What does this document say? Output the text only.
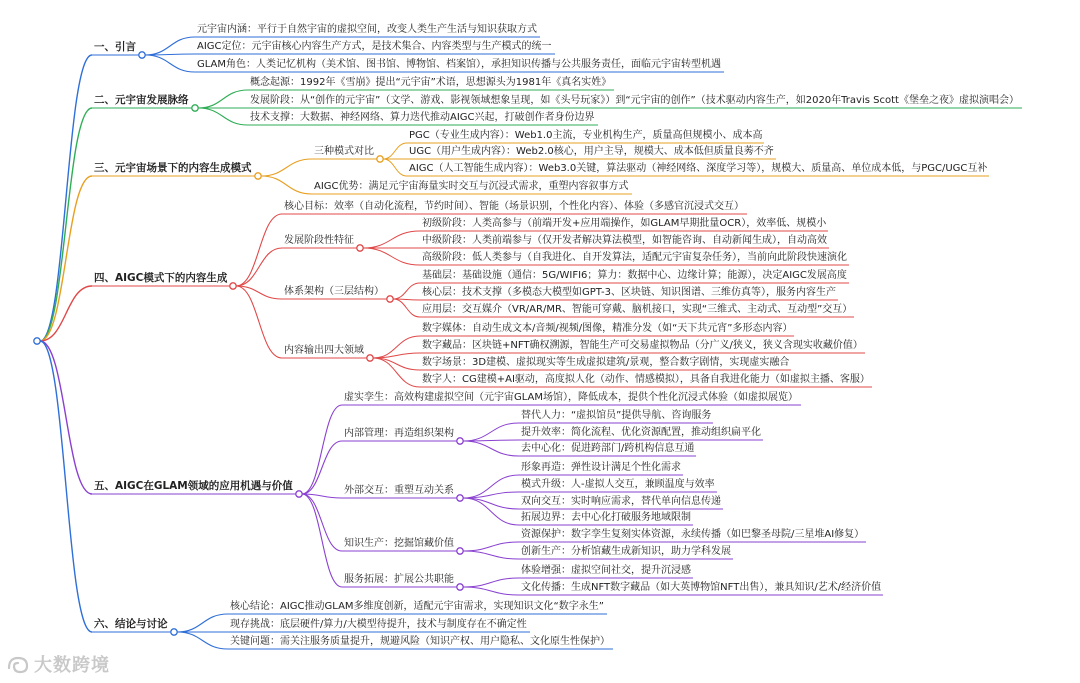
一、引言
元宇宙内涵：平行于自然宇宙的虚拟空间，改变人类生产生活与知识获取方式
AIGC定位：元宇宙核心内容生产方式，是技术集合、内容类型与生产模式的统一
GLAM角色：人类记忆机构（美术馆、图书馆、博物馆、档案馆），承担知识传播与公共服务责任，面临元宇宙转型机遇
二、元宇宙发展脉络
概念起源：1992年《雪崩》提出“元宇宙”术语，思想源头为1981年《真名实姓》
发展阶段：从“创作的元宇宙”（文学、游戏、影视领域想象呈现，如《头号玩家》）到“元宇宙的创作”（技术驱动内容生产，如2020年Travis Scott《堡垒之夜》虚拟演唱会）
技术支撑：大数据、神经网络、算力迭代推动AIGC兴起，打破创作者身份边界
三、元宇宙场景下的内容生成模式
三种模式对比
PGC（专业生成内容）：Web1.0主流，专业机构生产，质量高但规模小、成本高
UGC（用户生成内容）：Web2.0核心，用户主导，规模大、成本低但质量良莠不齐
AIGC（人工智能生成内容）：Web3.0关键，算法驱动（神经网络、深度学习等），规模大、质量高、单位成本低，与PGC/UGC互补
AIGC优势：满足元宇宙海量实时交互与沉浸式需求，重塑内容叙事方式
四、AIGC模式下的内容生成
核心目标：效率（自动化流程，节约时间）、智能（场景识别，个性化内容）、体验（多感官沉浸式交互）
发展阶段性特征
初级阶段：人类高参与（前端开发+应用端操作，如GLAM早期批量OCR），效率低、规模小
中级阶段：人类前端参与（仅开发者解决算法模型，如智能咨询、自动新闻生成），自动高效
高级阶段：低人类参与（自我进化、自开发算法，适配元宇宙复杂任务），当前向此阶段快速演化
体系架构（三层结构）
基础层：基础设施（通信：5G/WIFI6；算力：数据中心、边缘计算；能源），决定AIGC发展高度
核心层：技术支撑（多模态大模型如GPT-3、区块链、知识图谱、三维仿真等），服务内容生产
应用层：交互媒介（VR/AR/MR、智能可穿戴、脑机接口，实现“三维式、主动式、互动型”交互）
内容输出四大领域
数字媒体：自动生成文本/音频/视频/图像，精准分发（如“天下共元宵”多形态内容）
数字藏品：区块链+NFT确权溯源，智能生产可交易虚拟物品（分广义/狭义，狭义含现实收藏价值）
数字场景：3D建模、虚拟现实等生成虚拟建筑/景观，整合数字剧情，实现虚实融合
数字人：CG建模+AI驱动，高度拟人化（动作、情感模拟），具备自我进化能力（如虚拟主播、客服）
五、AIGC在GLAM领域的应用机遇与价值
虚实孪生：高效构建虚拟空间（元宇宙GLAM场馆），降低成本，提供个性化沉浸式体验（如虚拟展览）
内部管理：再造组织架构
替代人力：“虚拟馆员”提供导航、咨询服务
提升效率：简化流程、优化资源配置，推动组织扁平化
去中心化：促进跨部门/跨机构信息互通
外部交互：重塑互动关系
形象再造：弹性设计满足个性化需求
模式升级：人-虚拟人交互，兼顾温度与效率
双向交互：实时响应需求，替代单向信息传递
拓展边界：去中心化打破服务地域限制
知识生产：挖掘馆藏价值
资源保护：数字孪生复刻实体资源，永续传播（如巴黎圣母院/三星堆AI修复）
创新生产：分析馆藏生成新知识，助力学科发展
服务拓展：扩展公共职能
体验增强：虚拟空间社交，提升沉浸感
文化传播：生成NFT数字藏品（如大英博物馆NFT出售），兼具知识/艺术/经济价值
六、结论与讨论
核心结论：AIGC推动GLAM多维度创新，适配元宇宙需求，实现知识文化“数字永生”
现存挑战：底层硬件/算力/大模型待提升，技术与制度存在不确定性
关键问题：需关注服务质量提升，规避风险（知识产权、用户隐私、文化原生性保护）
大数跨境
